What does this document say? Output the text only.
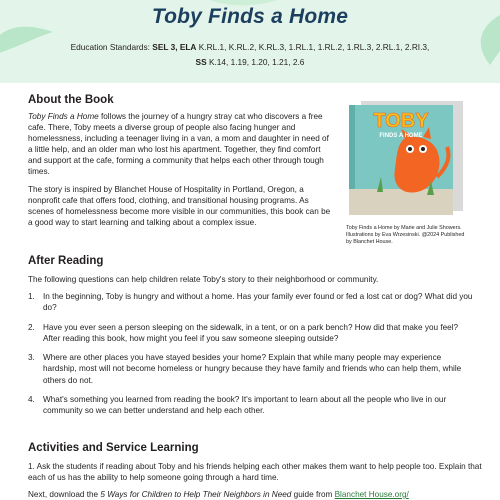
Toby Finds a Home
Education Standards: SEL 3, ELA K.RL.1, K.RL.2, K.RL.3, 1.RL.1, 1.RL.2, 1.RL.3, 2.RL.1, 2.RI.3,
SS K.14, 1.19, 1.20, 1.21, 2.6
About the Book

Toby Finds a Home follows the journey of a hungry stray cat who discovers a free cafe. There, Toby meets a diverse group of people also facing hunger and homelessness, including a teenager living in a van, a mom and daughter in need of a little help, and an older man who lost his apartment. Together, they find comfort and support at the cafe, forming a community that helps each other through tough times.

The story is inspired by Blanchet House of Hospitality in Portland, Oregon, a nonprofit cafe that offers food, clothing, and transitional housing programs. As scenes of homelessness become more visible in our communities, this book can be a good way to start learning and talking about a complex issue.

TOBY
FINDS A HOME
Toby Finds a Home by Marie and Julie Showers. Illustrations by Eva Wrzesinski. @2024 Published by Blanchet House.
After Reading

The following questions can help children relate Toby's story to their neighborhood or community.

1. In the beginning, Toby is hungry and without a home. Has your family ever found or fed a lost cat or dog? What did you do?
2. Have you ever seen a person sleeping on the sidewalk, in a tent, or on a park bench? How did that make you feel? After reading this book, how might you feel if you saw someone sleeping outside?
3. Where are other places you have stayed besides your home? Explain that while many people may experience hardship, most will not become homeless or hungry because they have family and friends who can help them, while others do not.
4. What's something you learned from reading the book? It's important to learn about all the people who live in our community so we can better understand and help each other.
Activities and Service Learning

1. Ask the students if reading about Toby and his friends helping each other makes them want to help people too. Explain that each of us has the ability to help someone going through a hard time.

Next, download the 5 Ways for Children to Help Their Neighbors in Need guide from Blanchet House.org/
